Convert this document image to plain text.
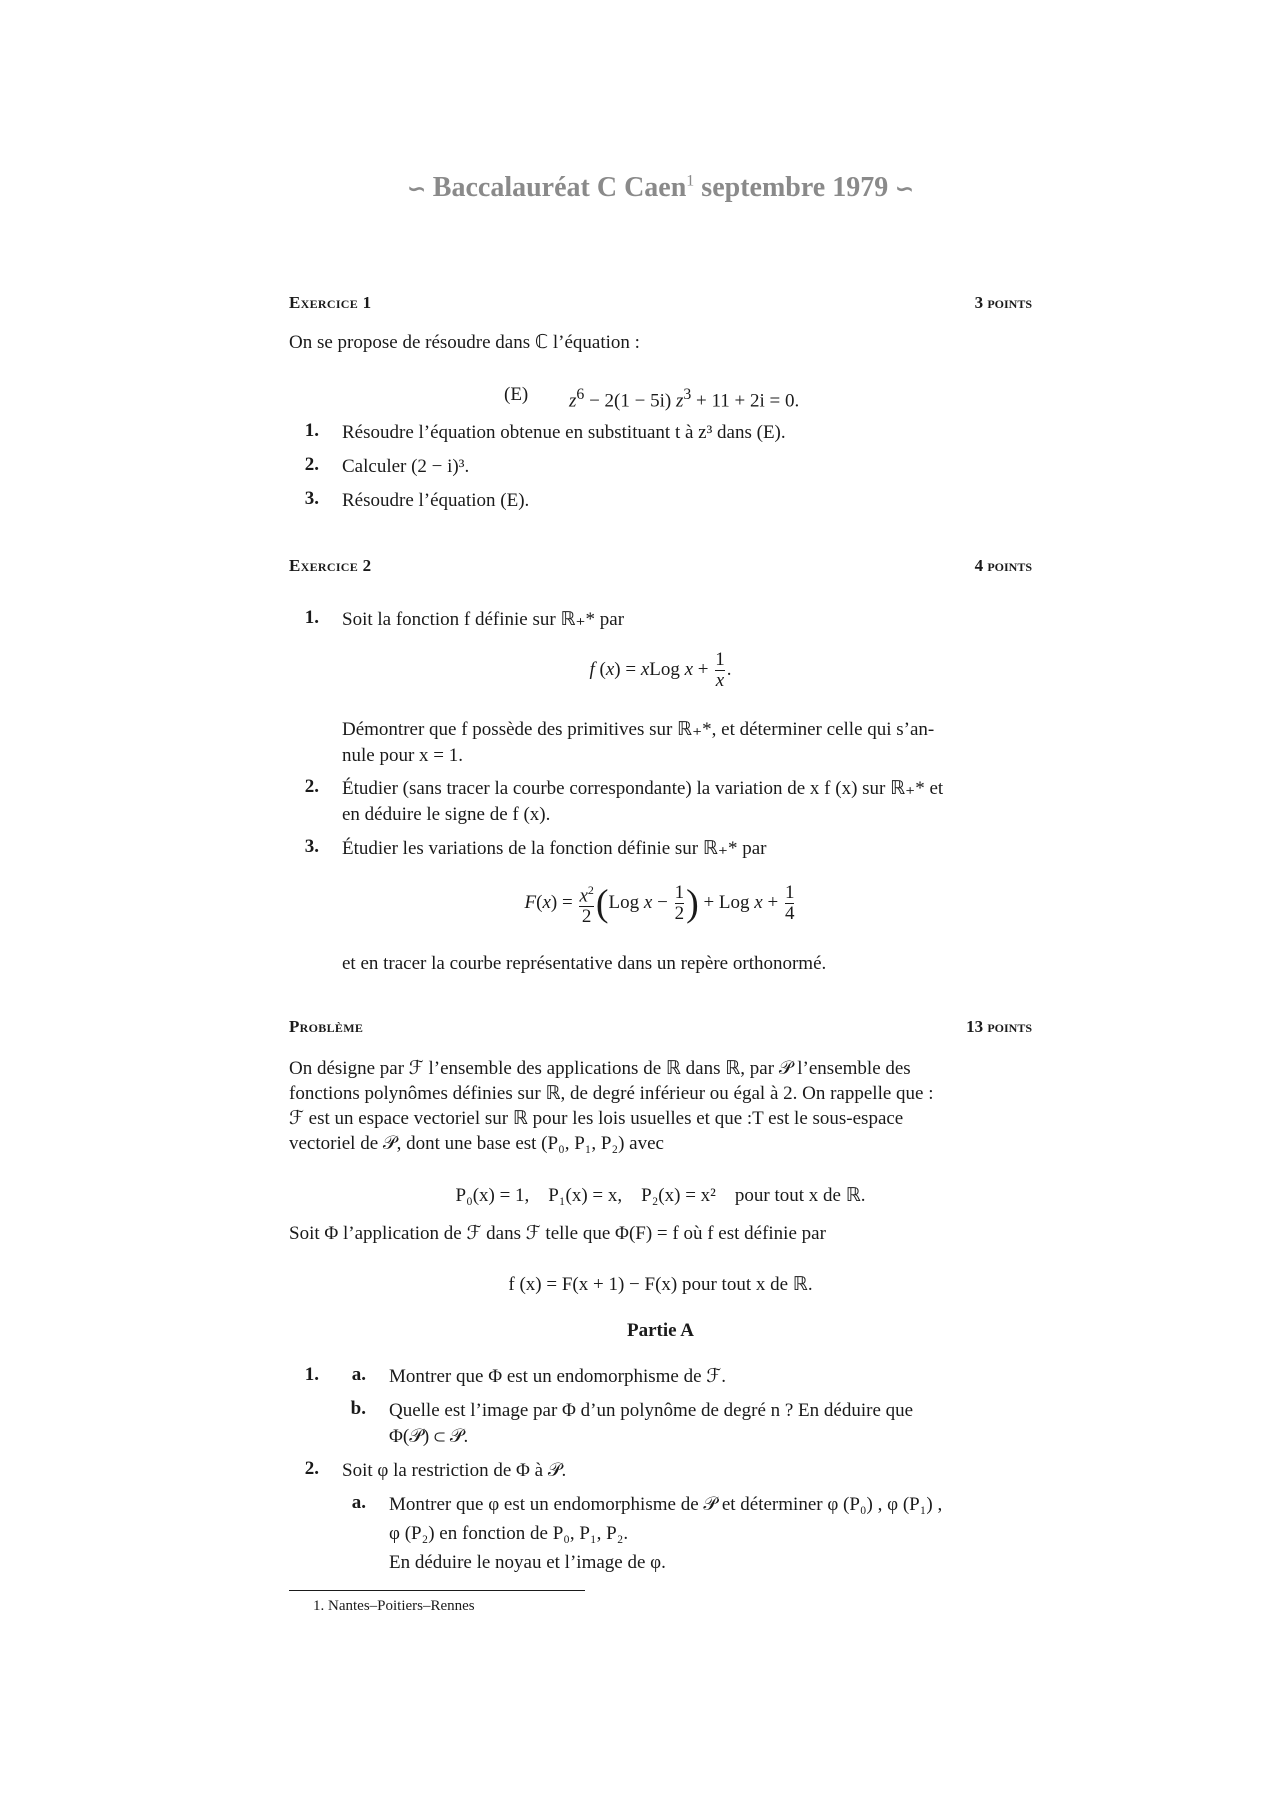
∽ Baccalauréat C Caen$^1$ septembre 1979 ∽
Exercice 1	3 points
On se propose de résoudre dans ℂ l’équation :
(E) $z^6 - 2(1 - 5i) z^3 + 11 + 2i = 0$.
1. Résoudre l’équation obtenue en substituant t à z³ dans (E).
2. Calculer (2 − i)³.
3. Résoudre l’équation (E).
Exercice 2	4 points
1. Soit la fonction f définie sur ℝ₊* par
f (x) = xLog $x + \frac{1}{x}$ .
Démontrer que f possède des primitives sur ℝ₊*, et déterminer celle qui s’an-
nule pour x = 1.
2. Étudier (sans tracer la courbe correspondante) la variation de x f (x) sur ℝ₊* et
en déduire le signe de f (x).
3. Étudier les variations de la fonction définie sur ℝ₊* par
$F(x) = \frac{x^2}{2} (Log$ $x - \frac{1}{2}$ ) + Log $x + \frac{1}{4}$
et en tracer la courbe représentative dans un repère orthonormé.
Problème	13 points
On désigne par ℱ l’ensemble des applications de ℝ dans ℝ, par 𝒫 l’ensemble des
fonctions polynômes définies sur ℝ, de degré inférieur ou égal à 2. On rappelle que :
ℱ est un espace vectoriel sur ℝ pour les lois usuelles et que :T est le sous-espace
vectoriel de 𝒫, dont une base est (P₀, P₁, P₂) avec
P₀(x) = 1,    P₁(x) = x,    P₂(x) = x²    pour tout x de ℝ.
Soit Φ l’application de ℱ dans ℱ telle que Φ(F) = f où f est définie par
f (x) = F(x + 1) − F(x) pour tout x de ℝ.
Partie A
1.	a. Montrer que Φ est un endomorphisme de ℱ.
b. Quelle est l’image par Φ d’un polynôme de degré n ? En déduire que
Φ(𝒫) ⊂ 𝒫.
2. Soit φ la restriction de Φ à 𝒫.
a. Montrer que φ est un endomorphisme de 𝒫 et déterminer φ (P₀) , φ (P₁) ,
φ (P₂) en fonction de P₀, P₁, P₂.
En déduire le noyau et l’image de φ.
1. Nantes–Poitiers–Rennes
